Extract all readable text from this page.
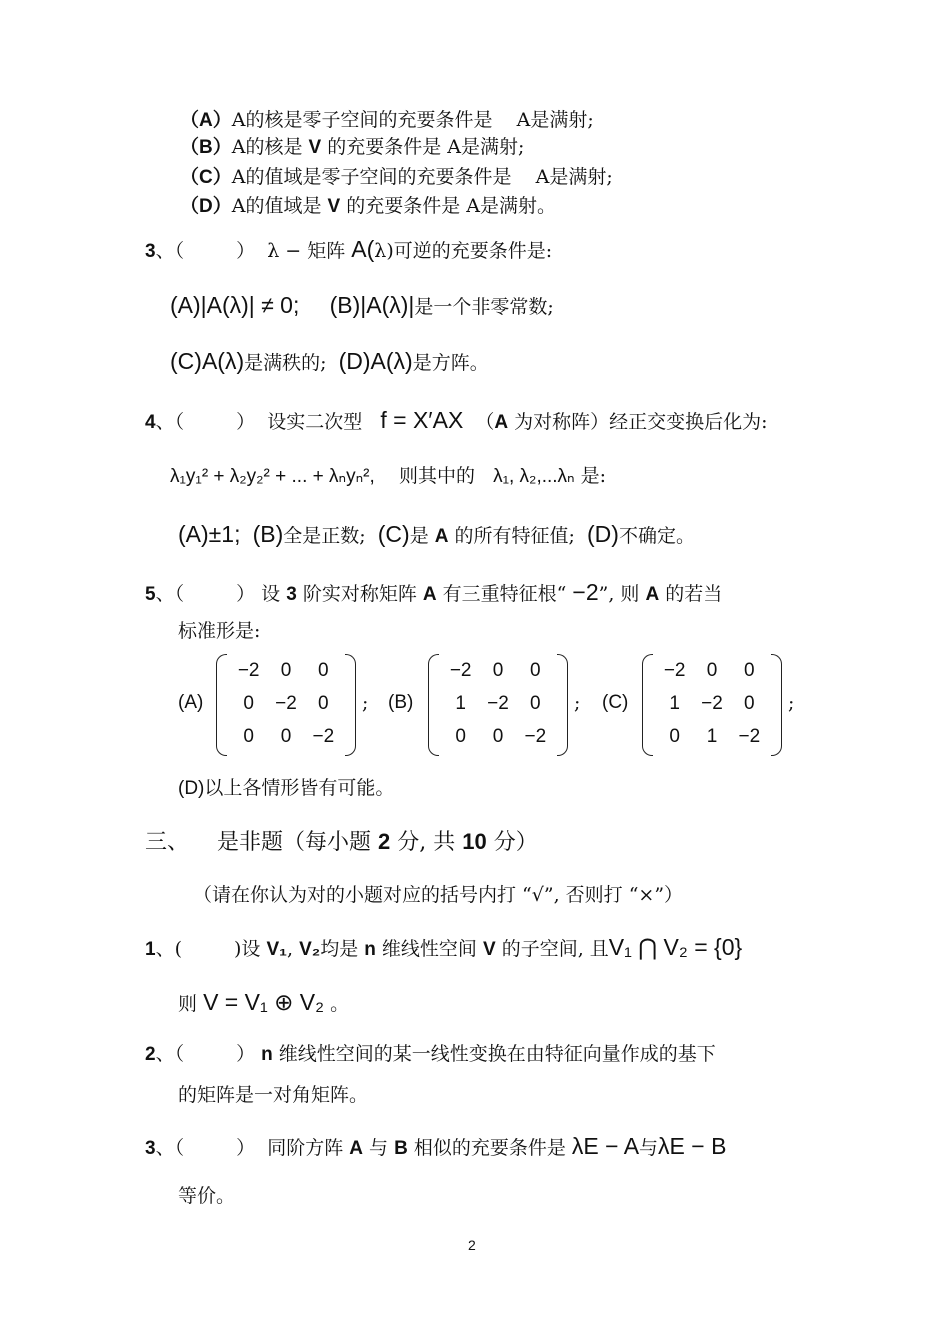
（A）A的核是零子空间的充要条件是 A是满射;
（B）A的核是 V 的充要条件是 A是满射;
（C）A的值域是零子空间的充要条件是 A是满射;
（D）A的值域是 V 的充要条件是 A是满射。
3、（	） λ − 矩阵 A(λ)可逆的充要条件是:
(A)|A(λ)| ≠ 0; (B)|A(λ)|是一个非零常数;
(C)A(λ)是满秩的; (D)A(λ)是方阵。
4、（	） 设实二次型 f = X′AX （A 为对称阵）经正交变换后化为:
λ₁y₁² + λ₂y₂² + ... + λₙyₙ², 则其中的 λ₁, λ₂,...λₙ 是:
(A)±1; (B)全是正数; (C)是 A 的所有特征值; (D)不确定。
5、（	） 设 3 阶实对称矩阵 A 有三重特征根“ −2”, 则 A 的若当
标准形是:
(A)
−2 0 0
0 −2 0
0 0 −2
; (B)
−2 0 0
1 −2 0
0 0 −2
; (C)
−2 0 0
1 −2 0
0 1 −2
;
(D)以上各情形皆有可能。
三、 是非题（每小题 2 分, 共 10 分）
（请在你认为对的小题对应的括号内打 “√”, 否则打 “×”）
1、(	)设 V₁, V₂均是 n 维线性空间 V 的子空间, 且V₁ ⋂ V₂ = {0}
则 V = V₁ ⊕ V₂ 。
2、（	） n 维线性空间的某一线性变换在由特征向量作成的基下
的矩阵是一对角矩阵。
3、（	） 同阶方阵 A 与 B 相似的充要条件是 λE − A与λE − B
等价。
2
